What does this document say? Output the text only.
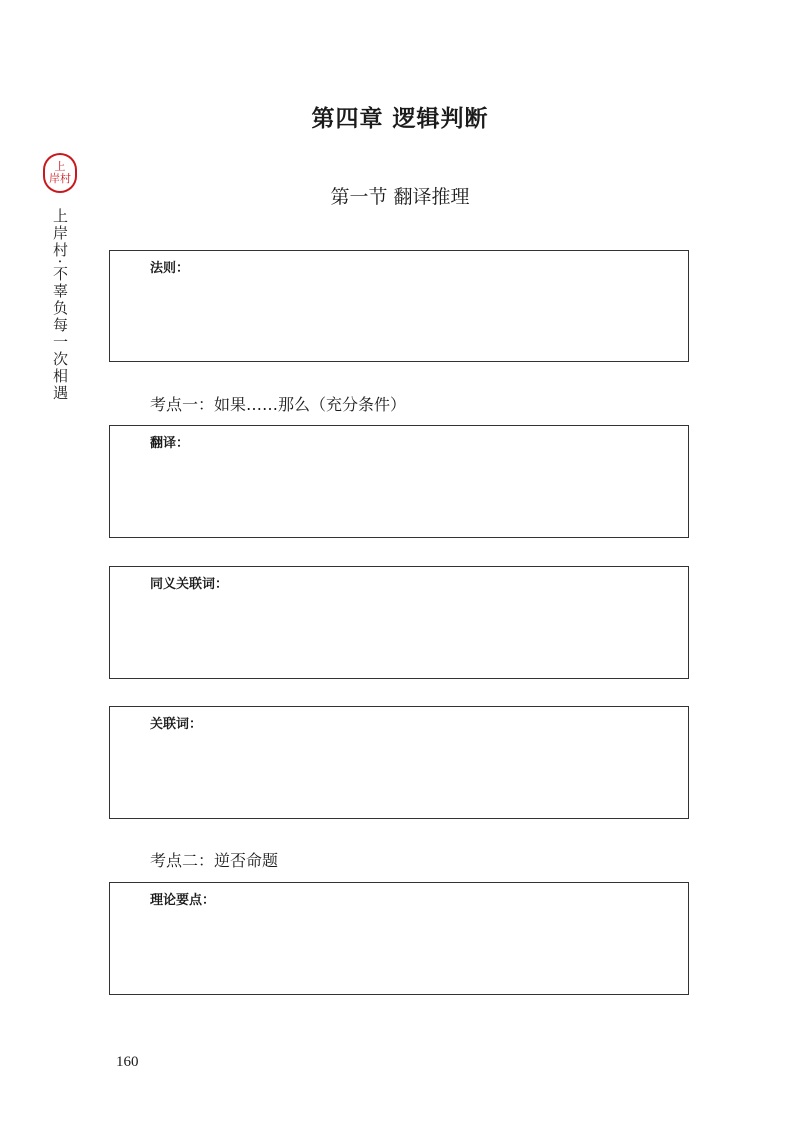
上
岸村
上岸村·不辜负每一次相遇
第四章 逻辑判断
第一节 翻译推理
法则：
考点一：如果……那么（充分条件）
翻译：
同义关联词：
关联词：
考点二：逆否命题
理论要点：
160
